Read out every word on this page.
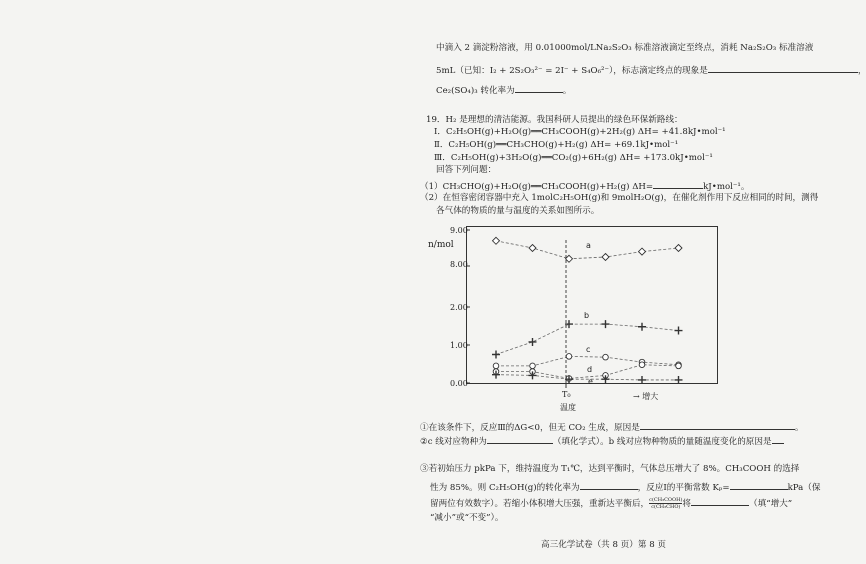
中滴入 2 滴淀粉溶液，用 0.01000mol/LNa₂S₂O₃ 标准溶液滴定至终点，消耗 Na₂S₂O₃ 标准溶液
5mL（已知：I₂ + 2S₂O₃²⁻ = 2I⁻ + S₄O₆²⁻），标志滴定终点的现象是	，
Ce₂(SO₄)₃ 转化率为	。
19．H₂ 是理想的清洁能源。我国科研人员提出的绿色环保新路线：
Ⅰ．C₂H₅OH(g)+H₂O(g)══CH₃COOH(g)+2H₂(g) ΔH= +41.8kJ•mol⁻¹
Ⅱ．C₂H₅OH(g)══CH₃CHO(g)+H₂(g) ΔH= +69.1kJ•mol⁻¹
Ⅲ．C₂H₅OH(g)+3H₂O(g)══CO₂(g)+6H₂(g) ΔH= +173.0kJ•mol⁻¹
回答下列问题：
（1）CH₃CHO(g)+H₂O(g)══CH₃COOH(g)+H₂(g) ΔH=	kJ•mol⁻¹。
（2）在恒容密闭容器中充入 1molC₂H₅OH(g)和 9molH₂O(g)，在催化剂作用下反应相同的时间，测得
各气体的物质的量与温度的关系如图所示。
a
b
c
d
e
n/mol
9.00
8.00
2.00
1.00
0.00
T₀
温度
→ 增大
①在该条件下，反应Ⅲ的ΔG<0，但无 CO₂ 生成，原因是	。
②c 线对应物种为	（填化学式）。b 线对应物种物质的量随温度变化的原因是
③若初始压力 pkPa 下，维持温度为 T₁℃，达到平衡时，气体总压增大了 8%。CH₃COOH 的选择
性为 85%。则 C₂H₅OH(g)的转化率为	，反应Ⅰ的平衡常数 Kₚ=	kPa（保
留两位有效数字）。若缩小体积增大压强，重新达平衡后， c(CH₃COOH)
c(CH₃CHO) 将	（填“增大”
“减小”或“不变”）。
高三化学试卷（共 8 页）第 8 页
